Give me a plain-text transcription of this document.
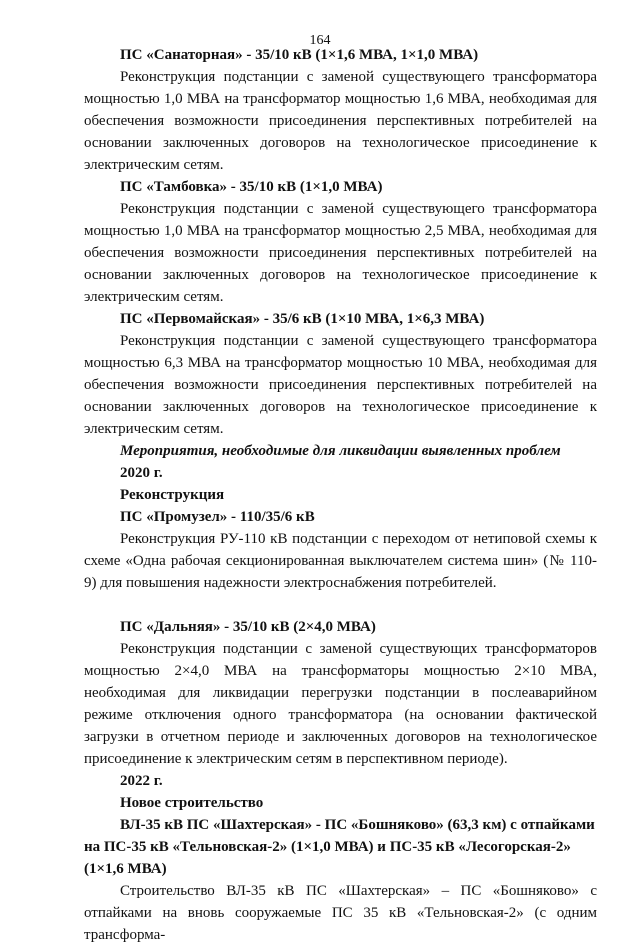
164

ПС «Санаторная» - 35/10 кВ (1×1,6 МВА, 1×1,0 МВА)

Реконструкция подстанции с заменой существующего трансформатора мощностью 1,0 МВА на трансформатор мощностью 1,6 МВА, необходимая для обеспечения возможности присоединения перспективных потребителей на основании заключенных договоров на технологическое присоединение к электрическим сетям.

ПС «Тамбовка» - 35/10 кВ (1×1,0 МВА)

Реконструкция подстанции с заменой существующего трансформатора мощностью 1,0 МВА на трансформатор мощностью 2,5 МВА, необходимая для обеспечения возможности присоединения перспективных потребителей на основании заключенных договоров на технологическое присоединение к электрическим сетям.

ПС «Первомайская» - 35/6 кВ (1×10 МВА, 1×6,3 МВА)

Реконструкция подстанции с заменой существующего трансформатора мощностью 6,3 МВА на трансформатор мощностью 10 МВА, необходимая для обеспечения возможности присоединения перспективных потребителей на основании заключенных договоров на технологическое присоединение к электрическим сетям.

Мероприятия, необходимые для ликвидации выявленных проблем

2020 г.

Реконструкция

ПС «Промузел» - 110/35/6 кВ

Реконструкция РУ-110 кВ подстанции с переходом от нетиповой схемы к схеме «Одна рабочая секционированная выключателем система шин» (№ 110-9) для повышения надежности электроснабжения потребителей.

ПС «Дальняя» - 35/10 кВ (2×4,0 МВА)

Реконструкция подстанции с заменой существующих трансформаторов мощностью 2×4,0 МВА на трансформаторы мощностью 2×10 МВА, необходимая для ликвидации перегрузки подстанции в послеаварийном режиме отключения одного трансформатора (на основании фактической загрузки в отчетном периоде и заключенных договоров на технологическое присоединение к электрическим сетям в перспективном периоде).

2022 г.

Новое строительство

ВЛ-35 кВ ПС «Шахтерская» - ПС «Бошняково» (63,3 км) с отпайками на ПС-35 кВ «Тельновская-2» (1×1,0 МВА) и ПС-35 кВ «Лесогорская-2» (1×1,6 МВА)

Строительство ВЛ-35 кВ ПС «Шахтерская» – ПС «Бошняково» с отпайками на вновь сооружаемые ПС 35 кВ «Тельновская-2» (с одним трансформа-
